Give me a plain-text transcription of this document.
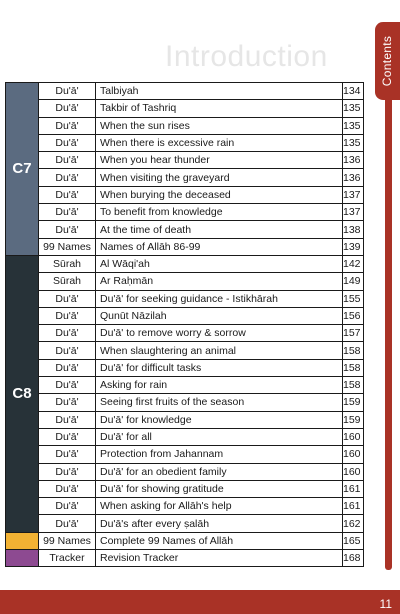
Introduction	Contents
C7	Du'ā'	Talbiyah	134
	Du'ā'	Takbir of Tashriq	135
	Du'ā'	When the sun rises	135
	Du'ā'	When there is excessive rain	135
	Du'ā'	When you hear thunder	136
	Du'ā'	When visiting the graveyard	136
	Du'ā'	When burying the deceased	137
	Du'ā'	To benefit from knowledge	137
	Du'ā'	At the time of death	138
	99 Names	Names of Allāh 86-99	139
C8	Sūrah	Al Wāqi'ah	142
	Sūrah	Ar Raḥmān	149
	Du'ā'	Du'ā' for seeking guidance - Istikhārah	155
	Du'ā'	Qunūt Nāzilah	156
	Du'ā'	Du'ā' to remove worry & sorrow	157
	Du'ā'	When slaughtering an animal	158
	Du'ā'	Du'ā' for difficult tasks	158
	Du'ā'	Asking for rain	158
	Du'ā'	Seeing first fruits of the season	159
	Du'ā'	Du'ā' for knowledge	159
	Du'ā'	Du'ā' for all	160
	Du'ā'	Protection from Jahannam	160
	Du'ā'	Du'ā' for an obedient family	160
	Du'ā'	Du'ā' for showing gratitude	161
	Du'ā'	When asking for Allāh's help	161
	Du'ā'	Du'ā's after every ṣalāh	162
	99 Names	Complete 99 Names of Allāh	165
	Tracker	Revision Tracker	168
11
